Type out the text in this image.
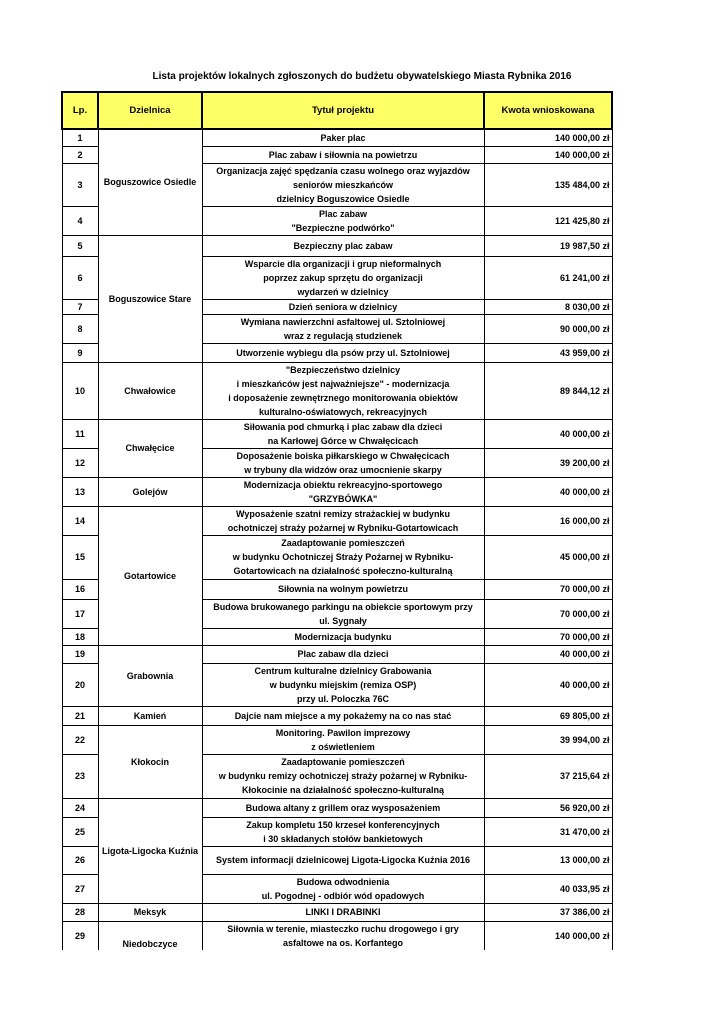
Lista projektów lokalnych zgłoszonych do budżetu obywatelskiego Miasta Rybnika 2016
Lp.	Dzielnica	Tytuł projektu	Kwota wnioskowana
1	Boguszowice Osiedle	Paker plac	140 000,00 zł
2		Plac zabaw i siłownia na powietrzu	140 000,00 zł
3		Organizacja zajęć spędzania czasu wolnego oraz wyjazdów
seniorów mieszkańców
dzielnicy Boguszowice Osiedle	135 484,00 zł
4		Plac zabaw
"Bezpieczne podwórko"	121 425,80 zł
5	Boguszowice Stare	Bezpieczny plac zabaw	19 987,50 zł
6		Wsparcie dla organizacji i grup nieformalnych
poprzez zakup sprzętu do organizacji
wydarzeń w dzielnicy	61 241,00 zł
7		Dzień seniora w dzielnicy	8 030,00 zł
8		Wymiana nawierzchni asfaltowej ul. Sztolniowej
wraz z regulacją studzienek	90 000,00 zł
9		Utworzenie wybiegu dla psów przy ul. Sztolniowej	43 959,00 zł
10	Chwałowice	"Bezpieczeństwo dzielnicy
i mieszkańców jest najważniejsze" - modernizacja
i doposażenie zewnętrznego monitorowania obiektów
kulturalno-oświatowych, rekreacyjnych	89 844,12 zł
11	Chwałęcice	Siłowania pod chmurką i plac zabaw dla dzieci
na Karłowej Górce w Chwałęcicach	40 000,00 zł
12		Doposażenie boiska piłkarskiego w Chwałęcicach
w trybuny dla widzów oraz umocnienie skarpy	39 200,00 zł
13	Golejów	Modernizacja obiektu rekreacyjno-sportowego
"GRZYBÓWKA"	40 000,00 zł
14	Gotartowice	Wyposażenie szatni remizy strażackiej w budynku
ochotniczej straży pożarnej w Rybniku-Gotartowicach	16 000,00 zł
15		Zaadaptowanie pomieszczeń
w budynku Ochotniczej Straży Pożarnej w Rybniku-
Gotartowicach na działalność społeczno-kulturalną	45 000,00 zł
16		Siłownia na wolnym powietrzu	70 000,00 zł
17		Budowa brukowanego parkingu na obiekcie sportowym przy
ul. Sygnały	70 000,00 zł
18		Modernizacja budynku	70 000,00 zł
19	Grabownia	Plac zabaw dla dzieci	40 000,00 zł
20		Centrum kulturalne dzielnicy Grabowania
w budynku miejskim (remiza OSP)
przy ul. Poloczka 76C	40 000,00 zł
21	Kamień	Dajcie nam miejsce a my pokażemy na co nas stać	69 805,00 zł
22	Kłokocin	Monitoring. Pawilon imprezowy
z oświetleniem	39 994,00 zł
23		Zaadaptowanie pomieszczeń
w budynku remizy ochotniczej straży pożarnej w Rybniku-
Kłokocinie na działalność społeczno-kulturalną	37 215,64 zł
24	Ligota-Ligocka Kuźnia	Budowa altany z grillem oraz wysposażeniem	56 920,00 zł
25		Zakup kompletu 150 krzeseł konferencyjnych
i 30 składanych stołów bankietowych	31 470,00 zł
26		System informacji dzielnicowej Ligota-Ligocka Kuźnia 2016	13 000,00 zł
27		Budowa odwodnienia
ul. Pogodnej - odbiór wód opadowych	40 033,95 zł
28	Meksyk	LINKI I DRABINKI	37 386,00 zł
29	Niedobczyce	Siłownia w terenie, miasteczko ruchu drogowego i gry
asfaltowe na os. Korfantego	140 000,00 zł
